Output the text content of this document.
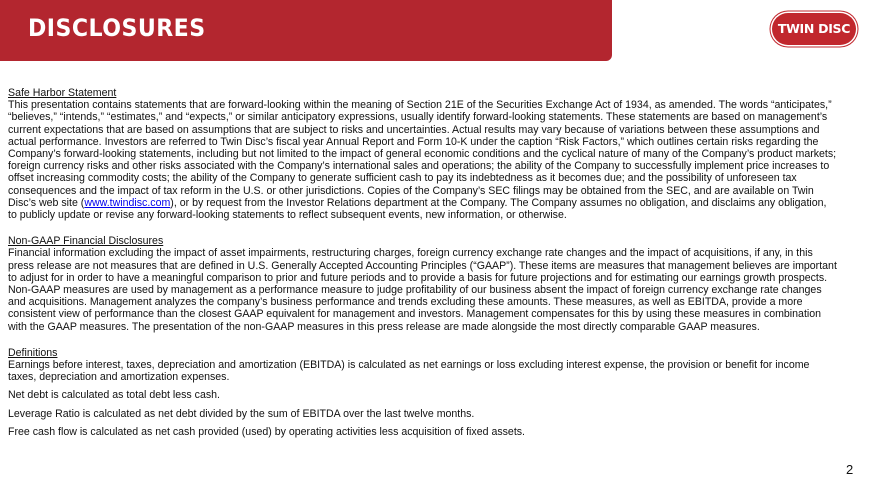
DISCLOSURES	TWIN DISC
Safe Harbor Statement
This presentation contains statements that are forward-looking within the meaning of Section 21E of the Securities Exchange Act of 1934, as amended. The words “anticipates,” “believes,” “intends,” “estimates,” and “expects,” or similar anticipatory expressions, usually identify forward-looking statements. These statements are based on management’s current expectations that are based on assumptions that are subject to risks and uncertainties. Actual results may vary because of variations between these assumptions and actual performance. Investors are referred to Twin Disc’s fiscal year Annual Report and Form 10-K under the caption “Risk Factors,” which outlines certain risks regarding the Company’s forward-looking statements, including but not limited to the impact of general economic conditions and the cyclical nature of many of the Company’s product markets; foreign currency risks and other risks associated with the Company’s international sales and operations; the ability of the Company to successfully implement price increases to offset increasing commodity costs; the ability of the Company to generate sufficient cash to pay its indebtedness as it becomes due; and the possibility of unforeseen tax consequences and the impact of tax reform in the U.S. or other jurisdictions. Copies of the Company’s SEC filings may be obtained from the SEC, and are available on Twin Disc’s web site (www.twindisc.com), or by request from the Investor Relations department at the Company. The Company assumes no obligation, and disclaims any obligation, to publicly update or revise any forward-looking statements to reflect subsequent events, new information, or otherwise.
Non-GAAP Financial Disclosures
Financial information excluding the impact of asset impairments, restructuring charges, foreign currency exchange rate changes and the impact of acquisitions, if any, in this press release are not measures that are defined in U.S. Generally Accepted Accounting Principles (“GAAP”). These items are measures that management believes are important to adjust for in order to have a meaningful comparison to prior and future periods and to provide a basis for future projections and for estimating our earnings growth prospects. Non-GAAP measures are used by management as a performance measure to judge profitability of our business absent the impact of foreign currency exchange rate changes and acquisitions. Management analyzes the company’s business performance and trends excluding these amounts. These measures, as well as EBITDA, provide a more consistent view of performance than the closest GAAP equivalent for management and investors. Management compensates for this by using these measures in combination with the GAAP measures. The presentation of the non-GAAP measures in this press release are made alongside the most directly comparable GAAP measures.
Definitions
Earnings before interest, taxes, depreciation and amortization (EBITDA) is calculated as net earnings or loss excluding interest expense, the provision or benefit for income taxes, depreciation and amortization expenses.
Net debt is calculated as total debt less cash.
Leverage Ratio is calculated as net debt divided by the sum of EBITDA over the last twelve months.
Free cash flow is calculated as net cash provided (used) by operating activities less acquisition of fixed assets.
2
